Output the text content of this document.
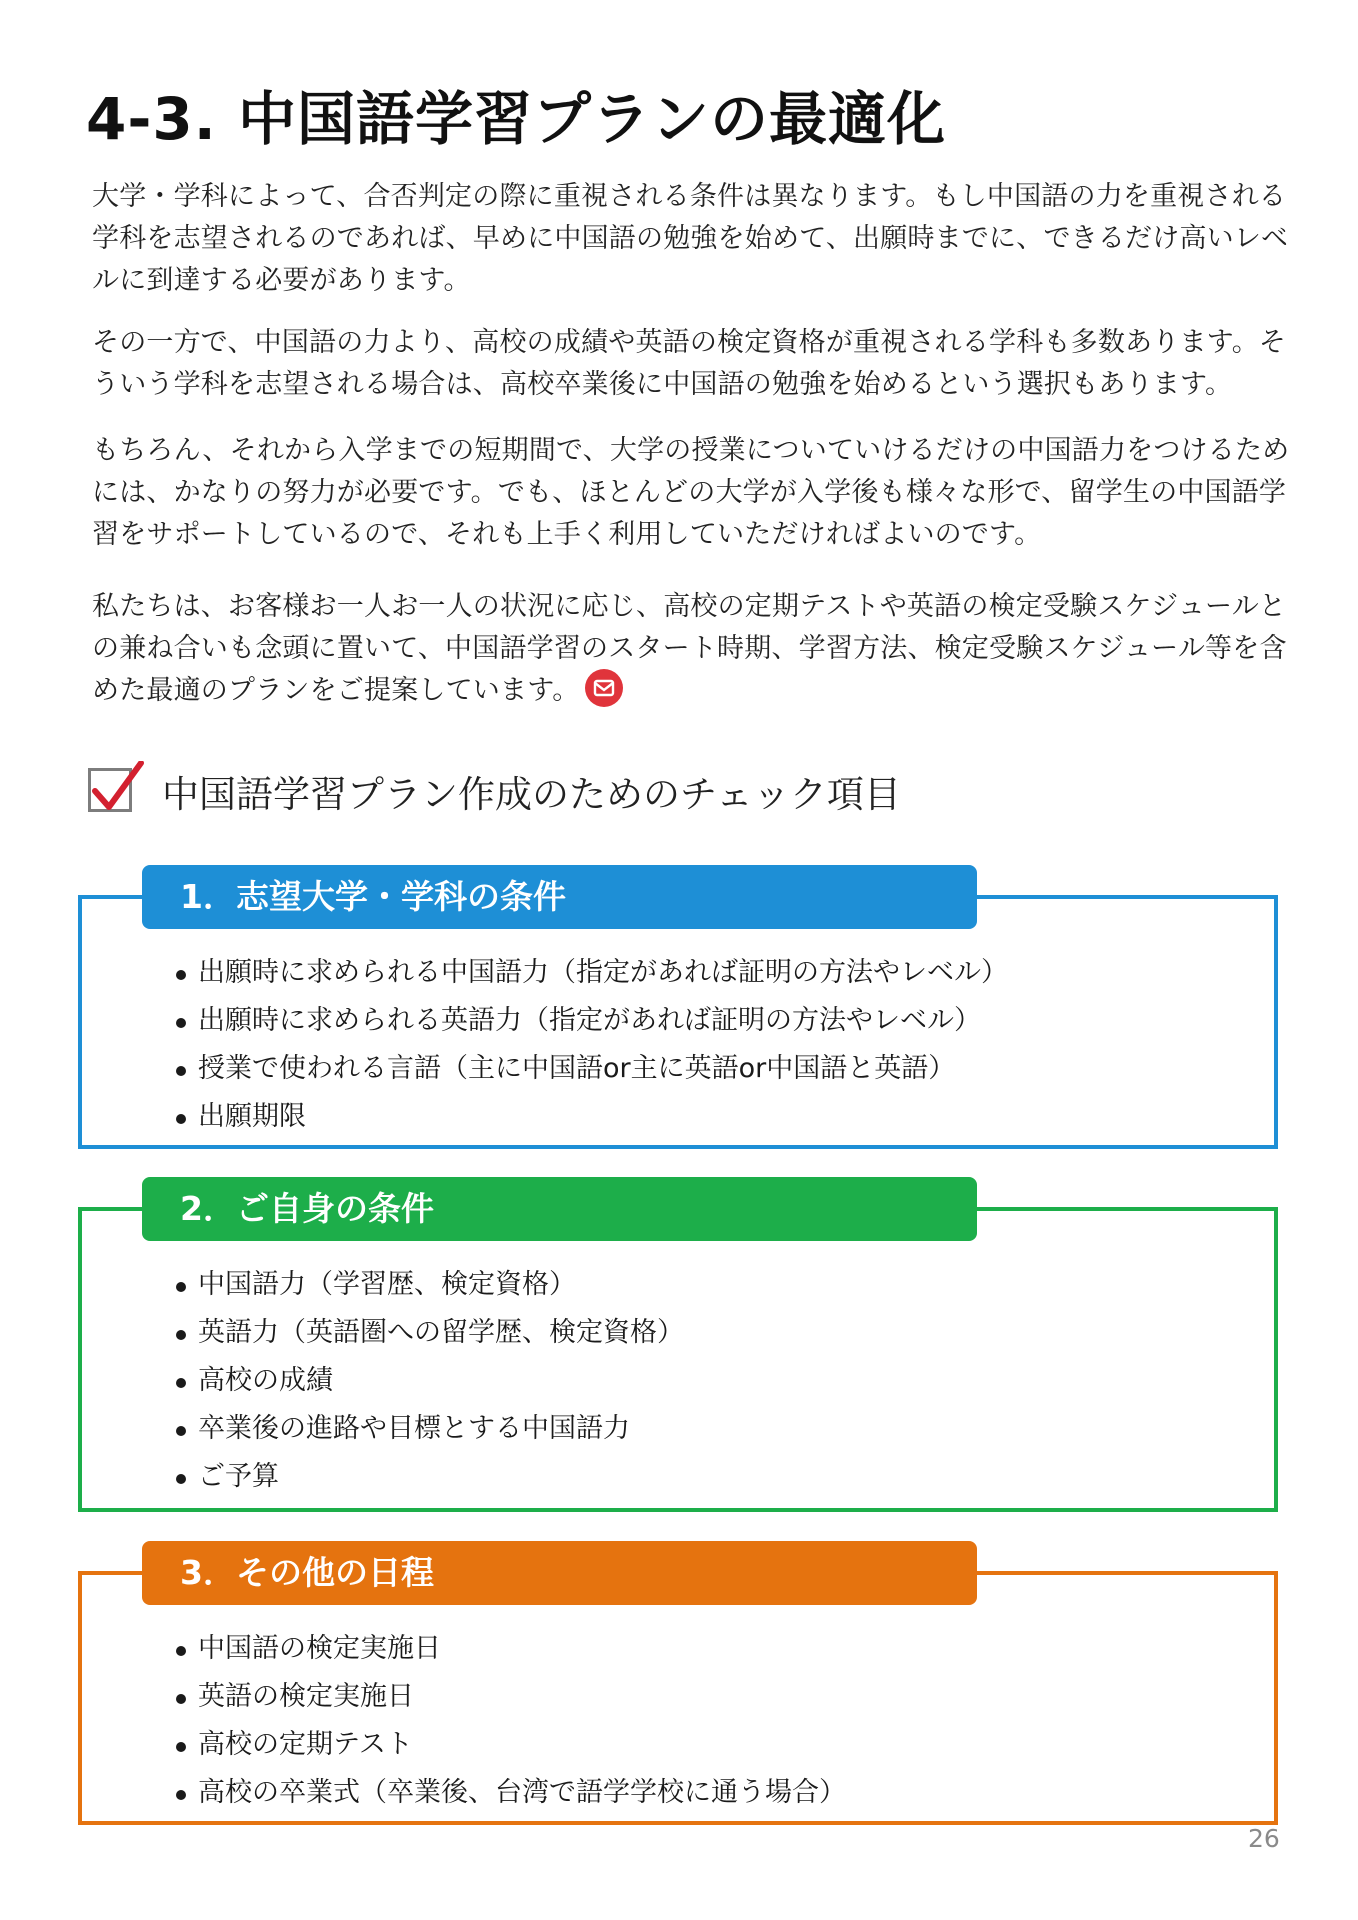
4-3. 中国語学習プランの最適化

大学・学科によって、合否判定の際に重視される条件は異なります。もし中国語の力を重視される学科を志望されるのであれば、早めに中国語の勉強を始めて、出願時までに、できるだけ高いレベルに到達する必要があります。

その一方で、中国語の力より、高校の成績や英語の検定資格が重視される学科も多数あります。そういう学科を志望される場合は、高校卒業後に中国語の勉強を始めるという選択もあります。

もちろん、それから入学までの短期間で、大学の授業についていけるだけの中国語力をつけるためには、かなりの努力が必要です。でも、ほとんどの大学が入学後も様々な形で、留学生の中国語学習をサポートしているので、それも上手く利用していただければよいのです。

私たちは、お客様お一人お一人の状況に応じ、高校の定期テストや英語の検定受験スケジュールとの兼ね合いも念頭に置いて、中国語学習のスタート時期、学習方法、検定受験スケジュール等を含めた最適のプランをご提案しています。

中国語学習プラン作成のためのチェック項目
出願時に求められる中国語力（指定があれば証明の方法やレベル）
出願時に求められる英語力（指定があれば証明の方法やレベル）
授業で使われる言語（主に中国語or主に英語or中国語と英語）
出願期限
1．志望大学・学科の条件
中国語力（学習歴、検定資格）
英語力（英語圏への留学歴、検定資格）
高校の成績
卒業後の進路や目標とする中国語力
ご予算
2．ご自身の条件
中国語の検定実施日
英語の検定実施日
高校の定期テスト
高校の卒業式（卒業後、台湾で語学学校に通う場合）
3．その他の日程
26
